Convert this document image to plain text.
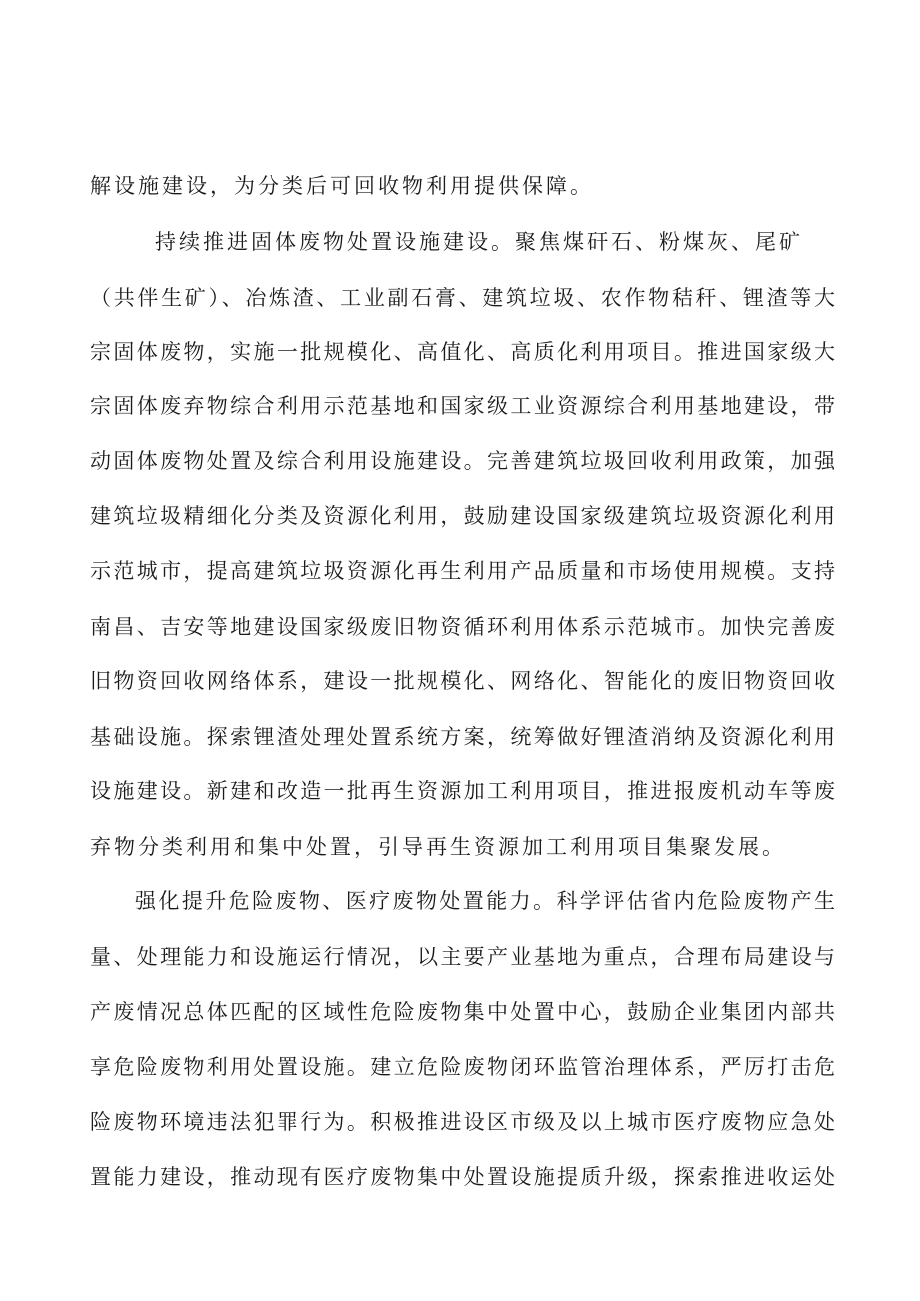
解设施建设，为分类后可回收物利用提供保障。
持续推进固体废物处置设施建设。聚焦煤矸石、粉煤灰、尾矿
（共伴生矿）、冶炼渣、工业副石膏、建筑垃圾、农作物秸秆、锂渣等大
宗固体废物，实施一批规模化、高值化、高质化利用项目。推进国家级大
宗固体废弃物综合利用示范基地和国家级工业资源综合利用基地建设，带
动固体废物处置及综合利用设施建设。完善建筑垃圾回收利用政策，加强
建筑垃圾精细化分类及资源化利用，鼓励建设国家级建筑垃圾资源化利用
示范城市，提高建筑垃圾资源化再生利用产品质量和市场使用规模。支持
南昌、吉安等地建设国家级废旧物资循环利用体系示范城市。加快完善废
旧物资回收网络体系，建设一批规模化、网络化、智能化的废旧物资回收
基础设施。探索锂渣处理处置系统方案，统筹做好锂渣消纳及资源化利用
设施建设。新建和改造一批再生资源加工利用项目，推进报废机动车等废
弃物分类利用和集中处置，引导再生资源加工利用项目集聚发展。
强化提升危险废物、医疗废物处置能力。科学评估省内危险废物产生
量、处理能力和设施运行情况，以主要产业基地为重点，合理布局建设与
产废情况总体匹配的区域性危险废物集中处置中心，鼓励企业集团内部共
享危险废物利用处置设施。建立危险废物闭环监管治理体系，严厉打击危
险废物环境违法犯罪行为。积极推进设区市级及以上城市医疗废物应急处
置能力建设，推动现有医疗废物集中处置设施提质升级，探索推进收运处
